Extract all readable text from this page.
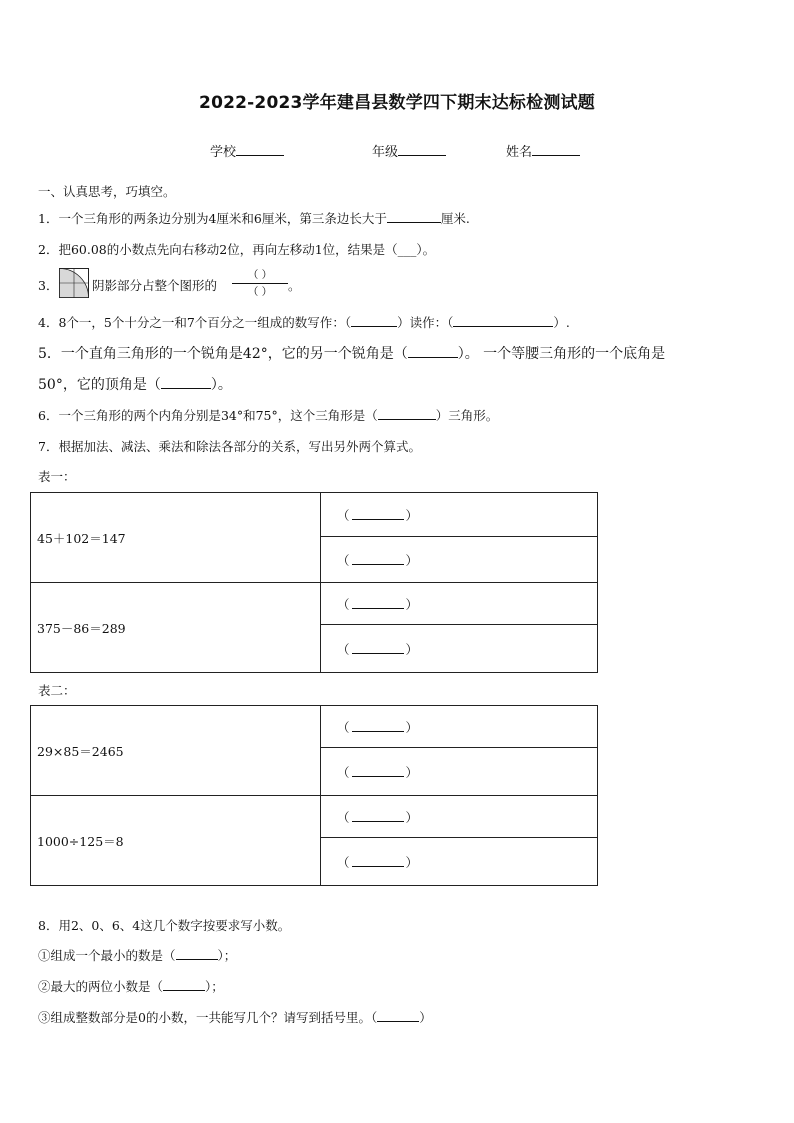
2022-2023学年建昌县数学四下期末达标检测试题
学校	年级	姓名
一、认真思考，巧填空。
1．一个三角形的两条边分别为4厘米和6厘米，第三条边长大于	厘米.
2．把60.08的小数点先向右移动2位，再向左移动1位，结果是（___）。
3．	阴影部分占整个图形的
（ ）
（ ）	。
4．8个一，5个十分之一和7个百分之一组成的数写作：（	）读作：（	）.
5．一个直角三角形的一个锐角是42°，它的另一个锐角是（	）。 一个等腰三角形的一个底角是
50°，它的顶角是（	）。
6．一个三角形的两个内角分别是34°和75°，这个三角形是（	）三角形。
7．根据加法、减法、乘法和除法各部分的关系，写出另外两个算式。
表一：
45＋102＝147	（ ）
	（ ）
375－86＝289	（ ）
	（ ）
表二：
29×85＝2465	（ ）
	（ ）
1000÷125＝8	（ ）
	（ ）
8．用2、0、6、4这几个数字按要求写小数。
①组成一个最小的数是（	）；
②最大的两位小数是（	）；
③组成整数部分是0的小数，一共能写几个？请写到括号里。（	）
